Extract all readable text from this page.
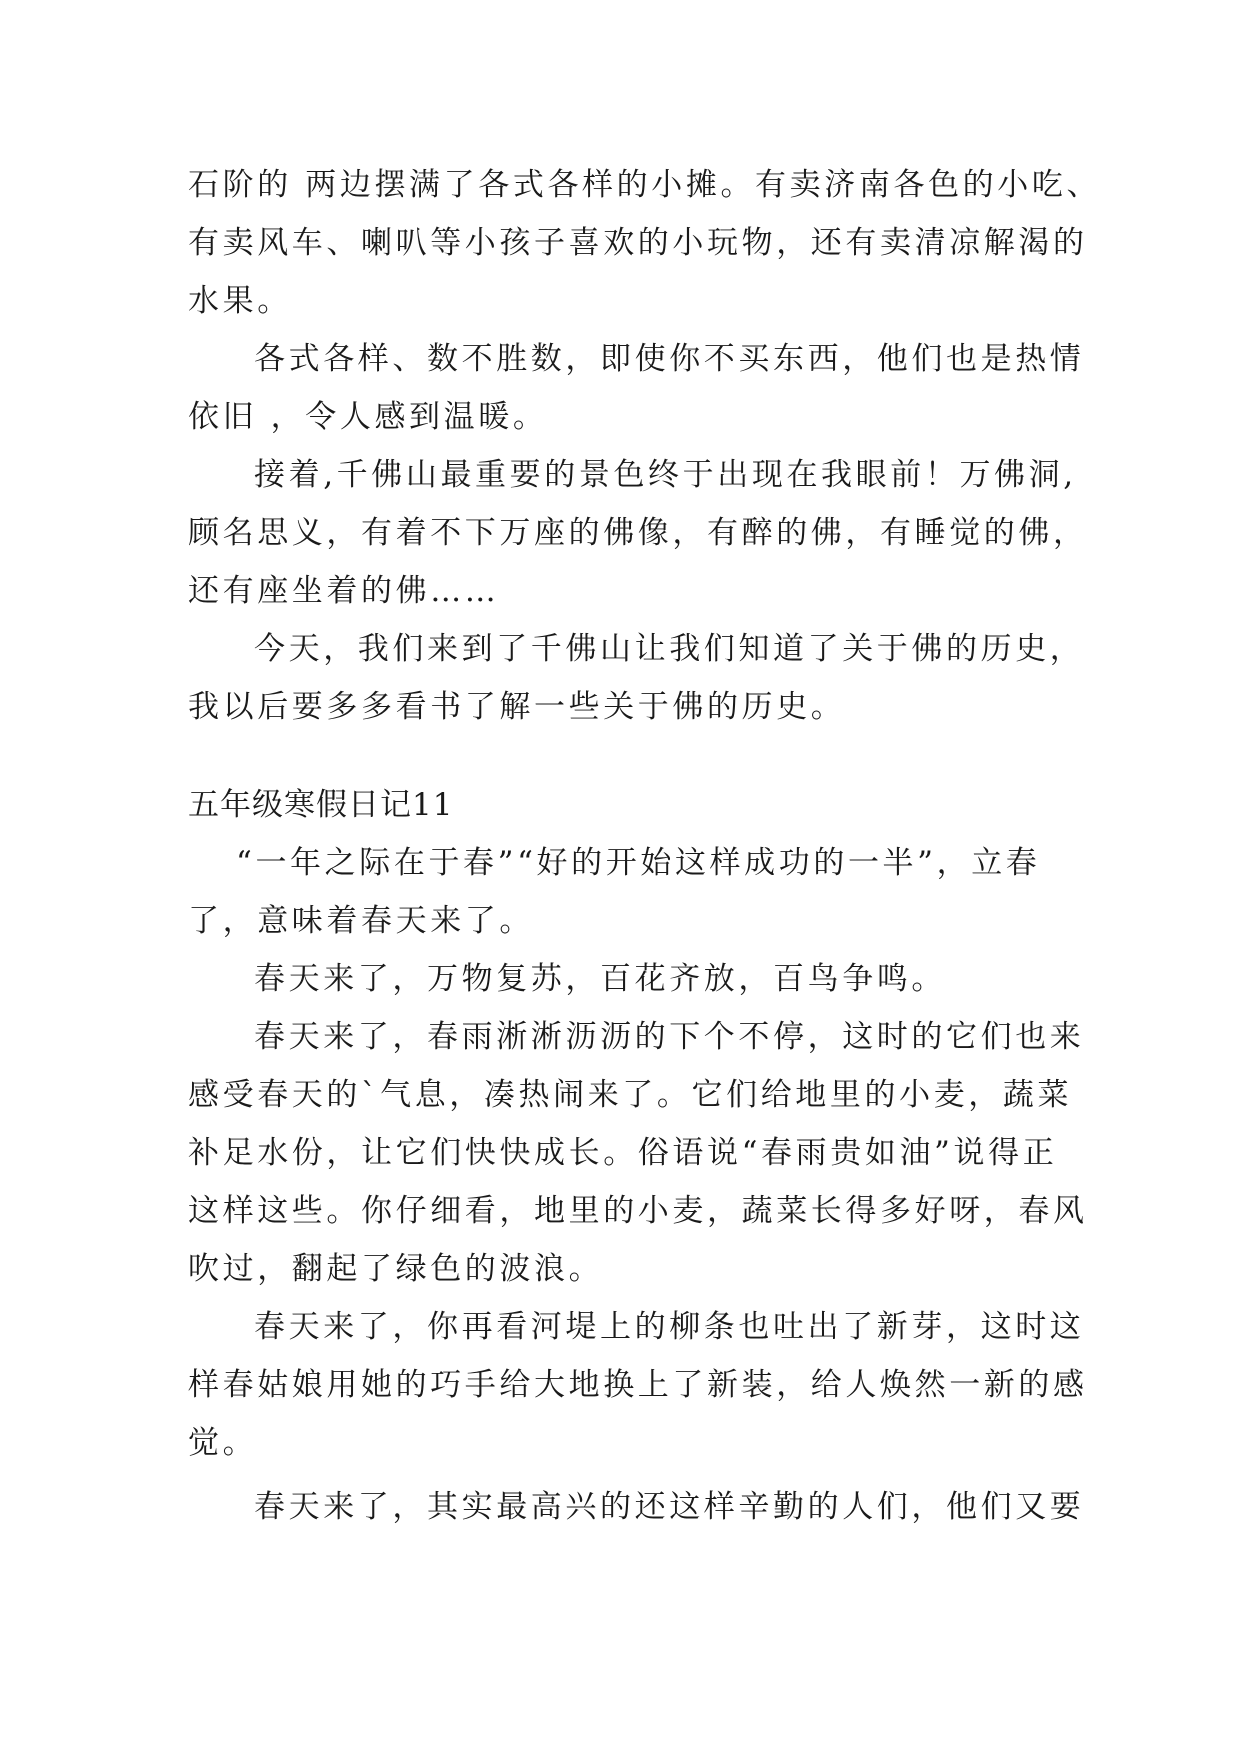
石阶的 两边摆满了各式各样的小摊。有卖济南各色的小吃、
有卖风车、喇叭等小孩子喜欢的小玩物，还有卖清凉解渴的
水果。
各式各样、数不胜数，即使你不买东西，他们也是热情
依旧 ，令人感到温暖。
接着,千佛山最重要的景色终于出现在我眼前！万佛洞,
顾名思义，有着不下万座的佛像，有醉的佛，有睡觉的佛，
还有座坐着的佛……
今天，我们来到了千佛山让我们知道了关于佛的历史，
我以后要多多看书了解一些关于佛的历史。
五年级寒假日记11
“一年之际在于春”“好的开始这样成功的一半”，立春
了，意味着春天来了。
春天来了，万物复苏，百花齐放，百鸟争鸣。
春天来了，春雨淅淅沥沥的下个不停，这时的它们也来
感受春天的`气息，凑热闹来了。它们给地里的小麦，蔬菜
补足水份，让它们快快成长。俗语说“春雨贵如油”说得正
这样这些。你仔细看，地里的小麦，蔬菜长得多好呀，春风
吹过，翻起了绿色的波浪。
春天来了，你再看河堤上的柳条也吐出了新芽，这时这
样春姑娘用她的巧手给大地换上了新装，给人焕然一新的感
觉。
春天来了，其实最高兴的还这样辛勤的人们，他们又要
